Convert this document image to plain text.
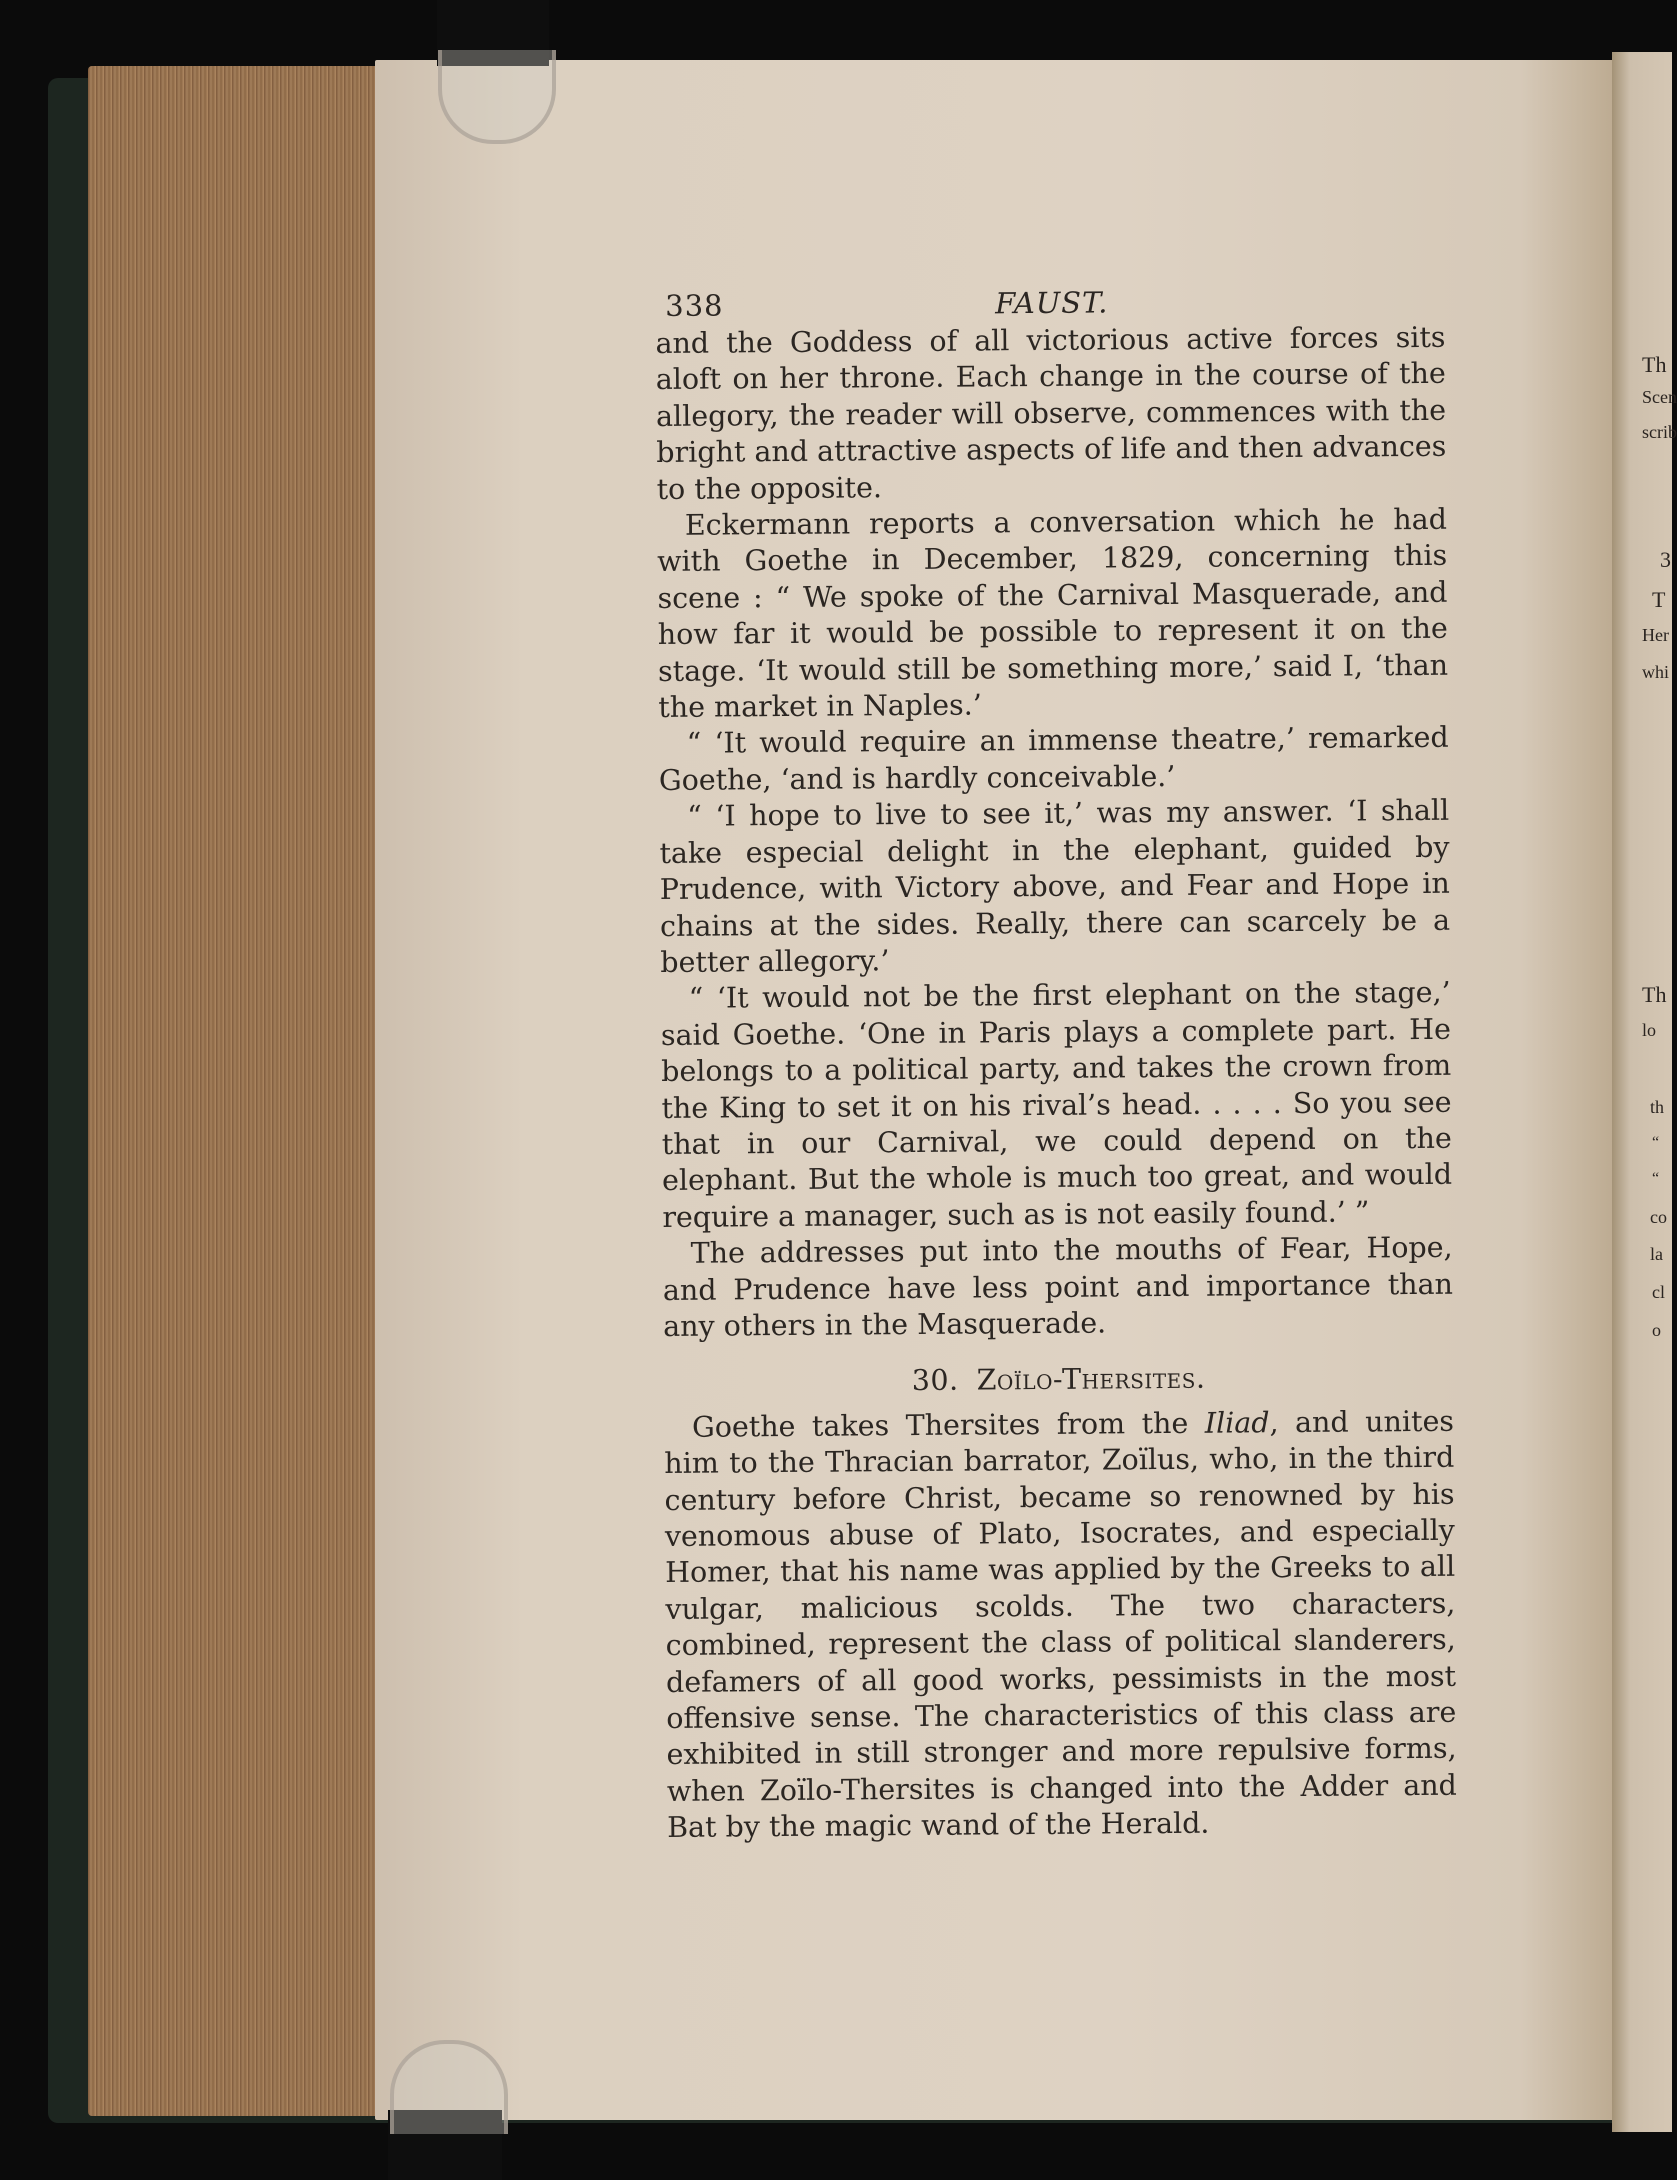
Th
Scen
scrib
3
T
Her
whi
Th
lo
th
“
“
co
la
cl
o
338	FAUST.

and the Goddess of all victorious active forces sits aloft on her throne. Each change in the course of the allegory, the reader will observe, commences with the bright and attractive aspects of life and then advances to the opposite.

Eckermann reports a conversation which he had with Goethe in December, 1829, concerning this scene : “ We spoke of the Carnival Masquerade, and how far it would be possible to represent it on the stage. ‘It would still be something more,’ said I, ‘than the market in Naples.’

“ ‘It would require an immense theatre,’ remarked Goethe, ‘and is hardly conceivable.’

“ ‘I hope to live to see it,’ was my answer. ‘I shall take especial delight in the elephant, guided by Prudence, with Victory above, and Fear and Hope in chains at the sides. Really, there can scarcely be a better allegory.’

“ ‘It would not be the first elephant on the stage,’ said Goethe. ‘One in Paris plays a complete part. He belongs to a political party, and takes the crown from the King to set it on his rival’s head. . . . . So you see that in our Carnival, we could depend on the elephant. But the whole is much too great, and would require a manager, such as is not easily found.’ ”

The addresses put into the mouths of Fear, Hope, and Prudence have less point and importance than any others in the Masquerade.

30. Zoïlo-Thersites.

Goethe takes Thersites from the Iliad, and unites him to the Thracian barrator, Zoïlus, who, in the third century before Christ, became so renowned by his venomous abuse of Plato, Isocrates, and especially Homer, that his name was applied by the Greeks to all vulgar, malicious scolds. The two characters, combined, represent the class of political slanderers, defamers of all good works, pessimists in the most offensive sense. The characteristics of this class are exhibited in still stronger and more repulsive forms, when Zoïlo-Thersites is changed into the Adder and Bat by the magic wand of the Herald.
